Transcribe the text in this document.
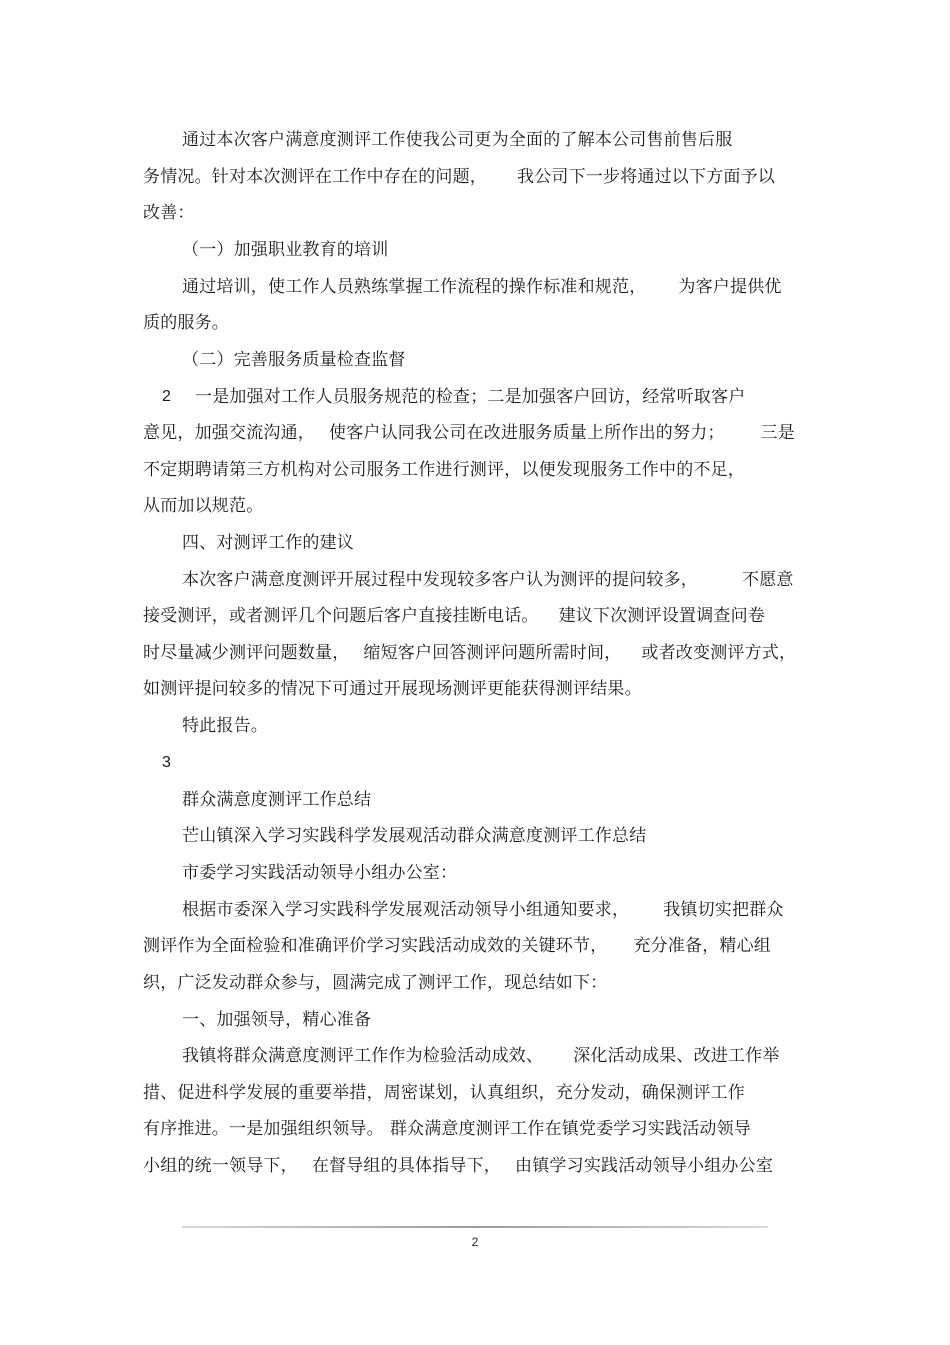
通过本次客户满意度测评工作使我公司更为全面的了解本公司售前售后服

务情况。针对本次测评在工作中存在的问题， 我公司下一步将通过以下方面予以

改善：

（一）加强职业教育的培训

通过培训，使工作人员熟练掌握工作流程的操作标准和规范， 为客户提供优

质的服务。

（二）完善服务质量检查监督
2 一是加强对工作人员服务规范的检查；二是加强客户回访，经常听取客户

意见，加强交流沟通， 使客户认同我公司在改进服务质量上所作出的努力； 三是

不定期聘请第三方机构对公司服务工作进行测评，以便发现服务工作中的不足，

从而加以规范。

四、对测评工作的建议

本次客户满意度测评开展过程中发现较多客户认为测评的提问较多，	不愿意

接受测评，或者测评几个问题后客户直接挂断电话。 建议下次测评设置调查问卷

时尽量减少测评问题数量， 缩短客户回答测评问题所需时间， 或者改变测评方式，

如测评提问较多的情况下可通过开展现场测评更能获得测评结果。

特此报告。

3
群众满意度测评工作总结
芒山镇深入学习实践科学发展观活动群众满意度测评工作总结

市委学习实践活动领导小组办公室：

根据市委深入学习实践科学发展观活动领导小组通知要求， 我镇切实把群众

测评作为全面检验和准确评价学习实践活动成效的关键环节， 充分准备，精心组

织，广泛发动群众参与，圆满完成了测评工作，现总结如下：

一、加强领导，精心准备

我镇将群众满意度测评工作作为检验活动成效、 深化活动成果、改进工作举

措、促进科学发展的重要举措，周密谋划，认真组织，充分发动，确保测评工作

有序推进。一是加强组织领导。 群众满意度测评工作在镇党委学习实践活动领导

小组的统一领导下， 在督导组的具体指导下， 由镇学习实践活动领导小组办公室

2
